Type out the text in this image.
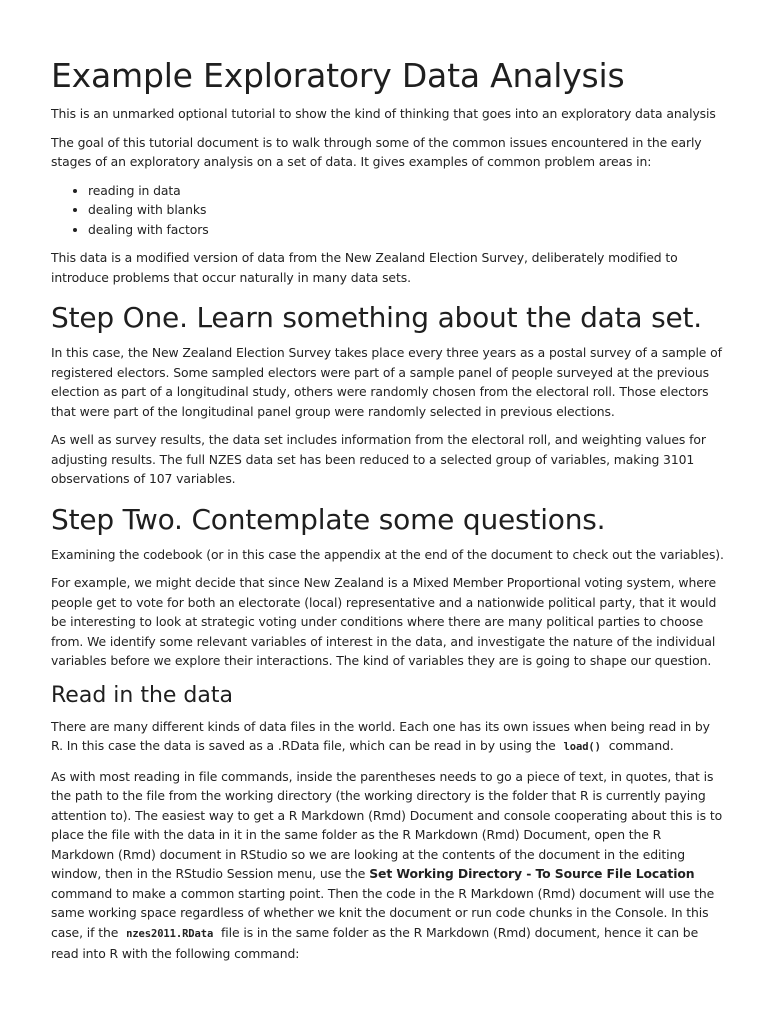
Example Exploratory Data Analysis

This is an unmarked optional tutorial to show the kind of thinking that goes into an exploratory data analysis

The goal of this tutorial document is to walk through some of the common issues encountered in the early stages of an exploratory analysis on a set of data. It gives examples of common problem areas in:

• reading in data
• dealing with blanks
• dealing with factors

This data is a modified version of data from the New Zealand Election Survey, deliberately modified to introduce problems that occur naturally in many data sets.

Step One. Learn something about the data set.

In this case, the New Zealand Election Survey takes place every three years as a postal survey of a sample of registered electors. Some sampled electors were part of a sample panel of people surveyed at the previous election as part of a longitudinal study, others were randomly chosen from the electoral roll. Those electors that were part of the longitudinal panel group were randomly selected in previous elections.

As well as survey results, the data set includes information from the electoral roll, and weighting values for adjusting results. The full NZES data set has been reduced to a selected group of variables, making 3101 observations of 107 variables.

Step Two. Contemplate some questions.

Examining the codebook (or in this case the appendix at the end of the document to check out the variables).

For example, we might decide that since New Zealand is a Mixed Member Proportional voting system, where people get to vote for both an electorate (local) representative and a nationwide political party, that it would be interesting to look at strategic voting under conditions where there are many political parties to choose from. We identify some relevant variables of interest in the data, and investigate the nature of the individual variables before we explore their interactions. The kind of variables they are is going to shape our question.

Read in the data

There are many different kinds of data files in the world. Each one has its own issues when being read in by R. In this case the data is saved as a .RData file, which can be read in by using the load() command.

As with most reading in file commands, inside the parentheses needs to go a piece of text, in quotes, that is the path to the file from the working directory (the working directory is the folder that R is currently paying attention to). The easiest way to get a R Markdown (Rmd) Document and console cooperating about this is to place the file with the data in it in the same folder as the R Markdown (Rmd) Document, open the R Markdown (Rmd) document in RStudio so we are looking at the contents of the document in the editing window, then in the RStudio Session menu, use the Set Working Directory - To Source File Location command to make a common starting point. Then the code in the R Markdown (Rmd) document will use the same working space regardless of whether we knit the document or run code chunks in the Console. In this case, if the nzes2011.RData file is in the same folder as the R Markdown (Rmd) document, hence it can be read into R with the following command:
